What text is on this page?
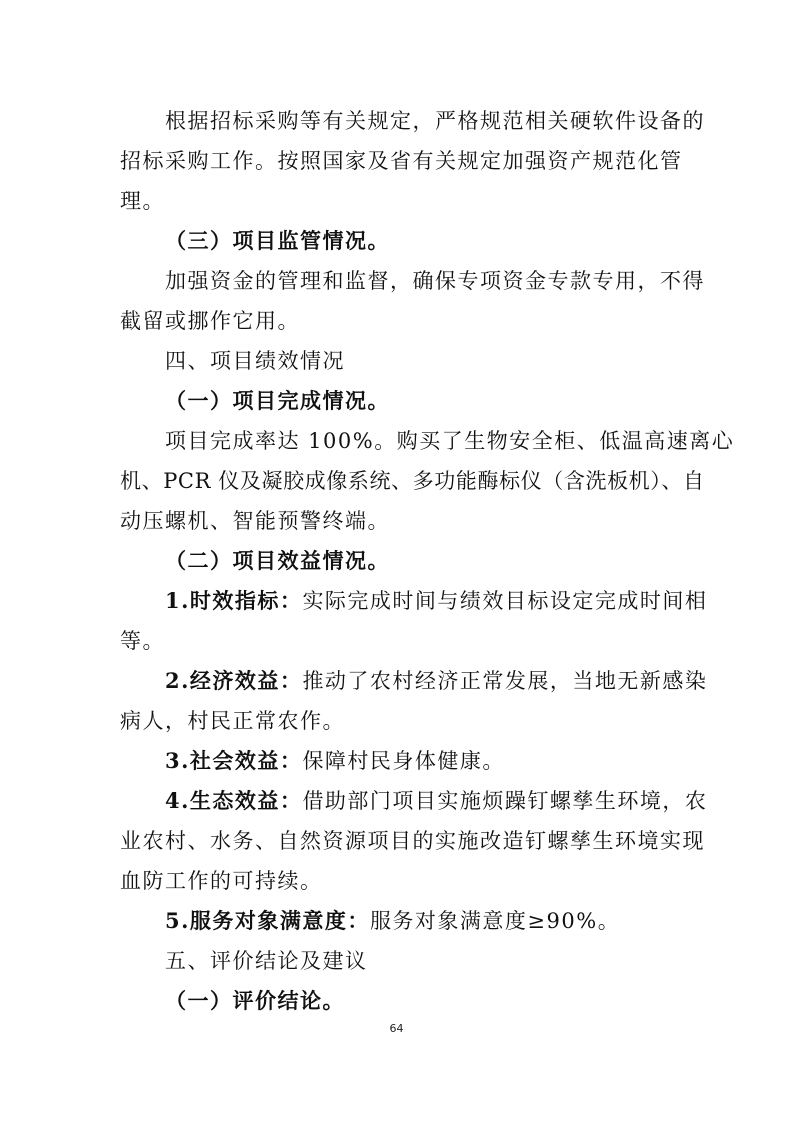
根据招标采购等有关规定，严格规范相关硬软件设备的
招标采购工作。按照国家及省有关规定加强资产规范化管
理。
（三）项目监管情况。
加强资金的管理和监督，确保专项资金专款专用，不得
截留或挪作它用。
四、项目绩效情况
（一）项目完成情况。
项目完成率达 100%。购买了生物安全柜、低温高速离心
机、PCR 仪及凝胶成像系统、多功能酶标仪（含洗板机）、自
动压螺机、智能预警终端。
（二）项目效益情况。
1.时效指标：实际完成时间与绩效目标设定完成时间相
等。
2.经济效益：推动了农村经济正常发展，当地无新感染
病人，村民正常农作。
3.社会效益：保障村民身体健康。
4.生态效益：借助部门项目实施烦躁钉螺孳生环境，农
业农村、水务、自然资源项目的实施改造钉螺孳生环境实现
血防工作的可持续。
5.服务对象满意度：服务对象满意度≥90%。
五、评价结论及建议
（一）评价结论。
64
